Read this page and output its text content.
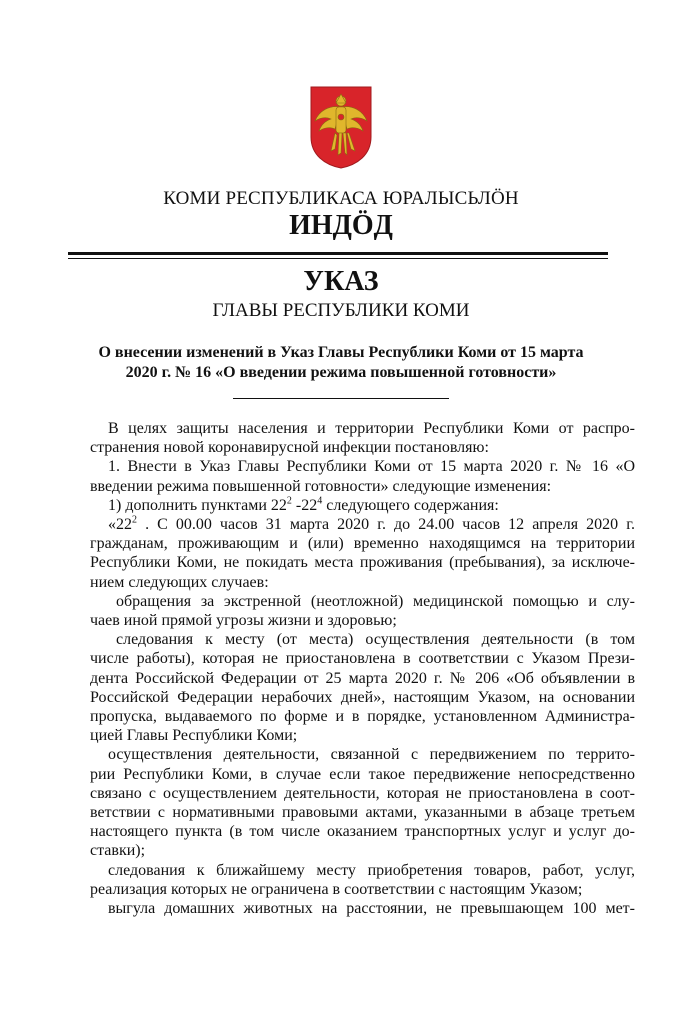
КОМИ РЕСПУБЛИКАСА ЮРАЛЫСЬЛÖН
ИНДÖД
УКАЗ
ГЛАВЫ РЕСПУБЛИКИ КОМИ
О внесении изменений в Указ Главы Республики Коми от 15 марта
2020 г. № 16 «О введении режима повышенной готовности»
В целях защиты населения и территории Республики Коми от распро-
странения новой коронавирусной инфекции постановляю:
1. Внести в Указ Главы Республики Коми от 15 марта 2020 г. № 16 «О
введении режима повышенной готовности» следующие изменения:
1) дополнить пунктами $22^2$ $-22^4$ следующего содержания:
«$22^2$ . С 00.00 часов 31 марта 2020 г. до 24.00 часов 12 апреля 2020 г.
гражданам, проживающим и (или) временно находящимся на территории
Республики Коми, не покидать места проживания (пребывания), за исключе-
нием следующих случаев:
обращения за экстренной (неотложной) медицинской помощью и слу-
чаев иной прямой угрозы жизни и здоровью;
следования к месту (от места) осуществления деятельности (в том
числе работы), которая не приостановлена в соответствии с Указом Прези-
дента Российской Федерации от 25 марта 2020 г. № 206 «Об объявлении в
Российской Федерации нерабочих дней», настоящим Указом, на основании
пропуска, выдаваемого по форме и в порядке, установленном Администра-
цией Главы Республики Коми;
осуществления деятельности, связанной с передвижением по террито-
рии Республики Коми, в случае если такое передвижение непосредственно
связано с осуществлением деятельности, которая не приостановлена в соот-
ветствии с нормативными правовыми актами, указанными в абзаце третьем
настоящего пункта (в том числе оказанием транспортных услуг и услуг до-
ставки);
следования к ближайшему месту приобретения товаров, работ, услуг,
реализация которых не ограничена в соответствии с настоящим Указом;
выгула домашних животных на расстоянии, не превышающем 100 мет-
